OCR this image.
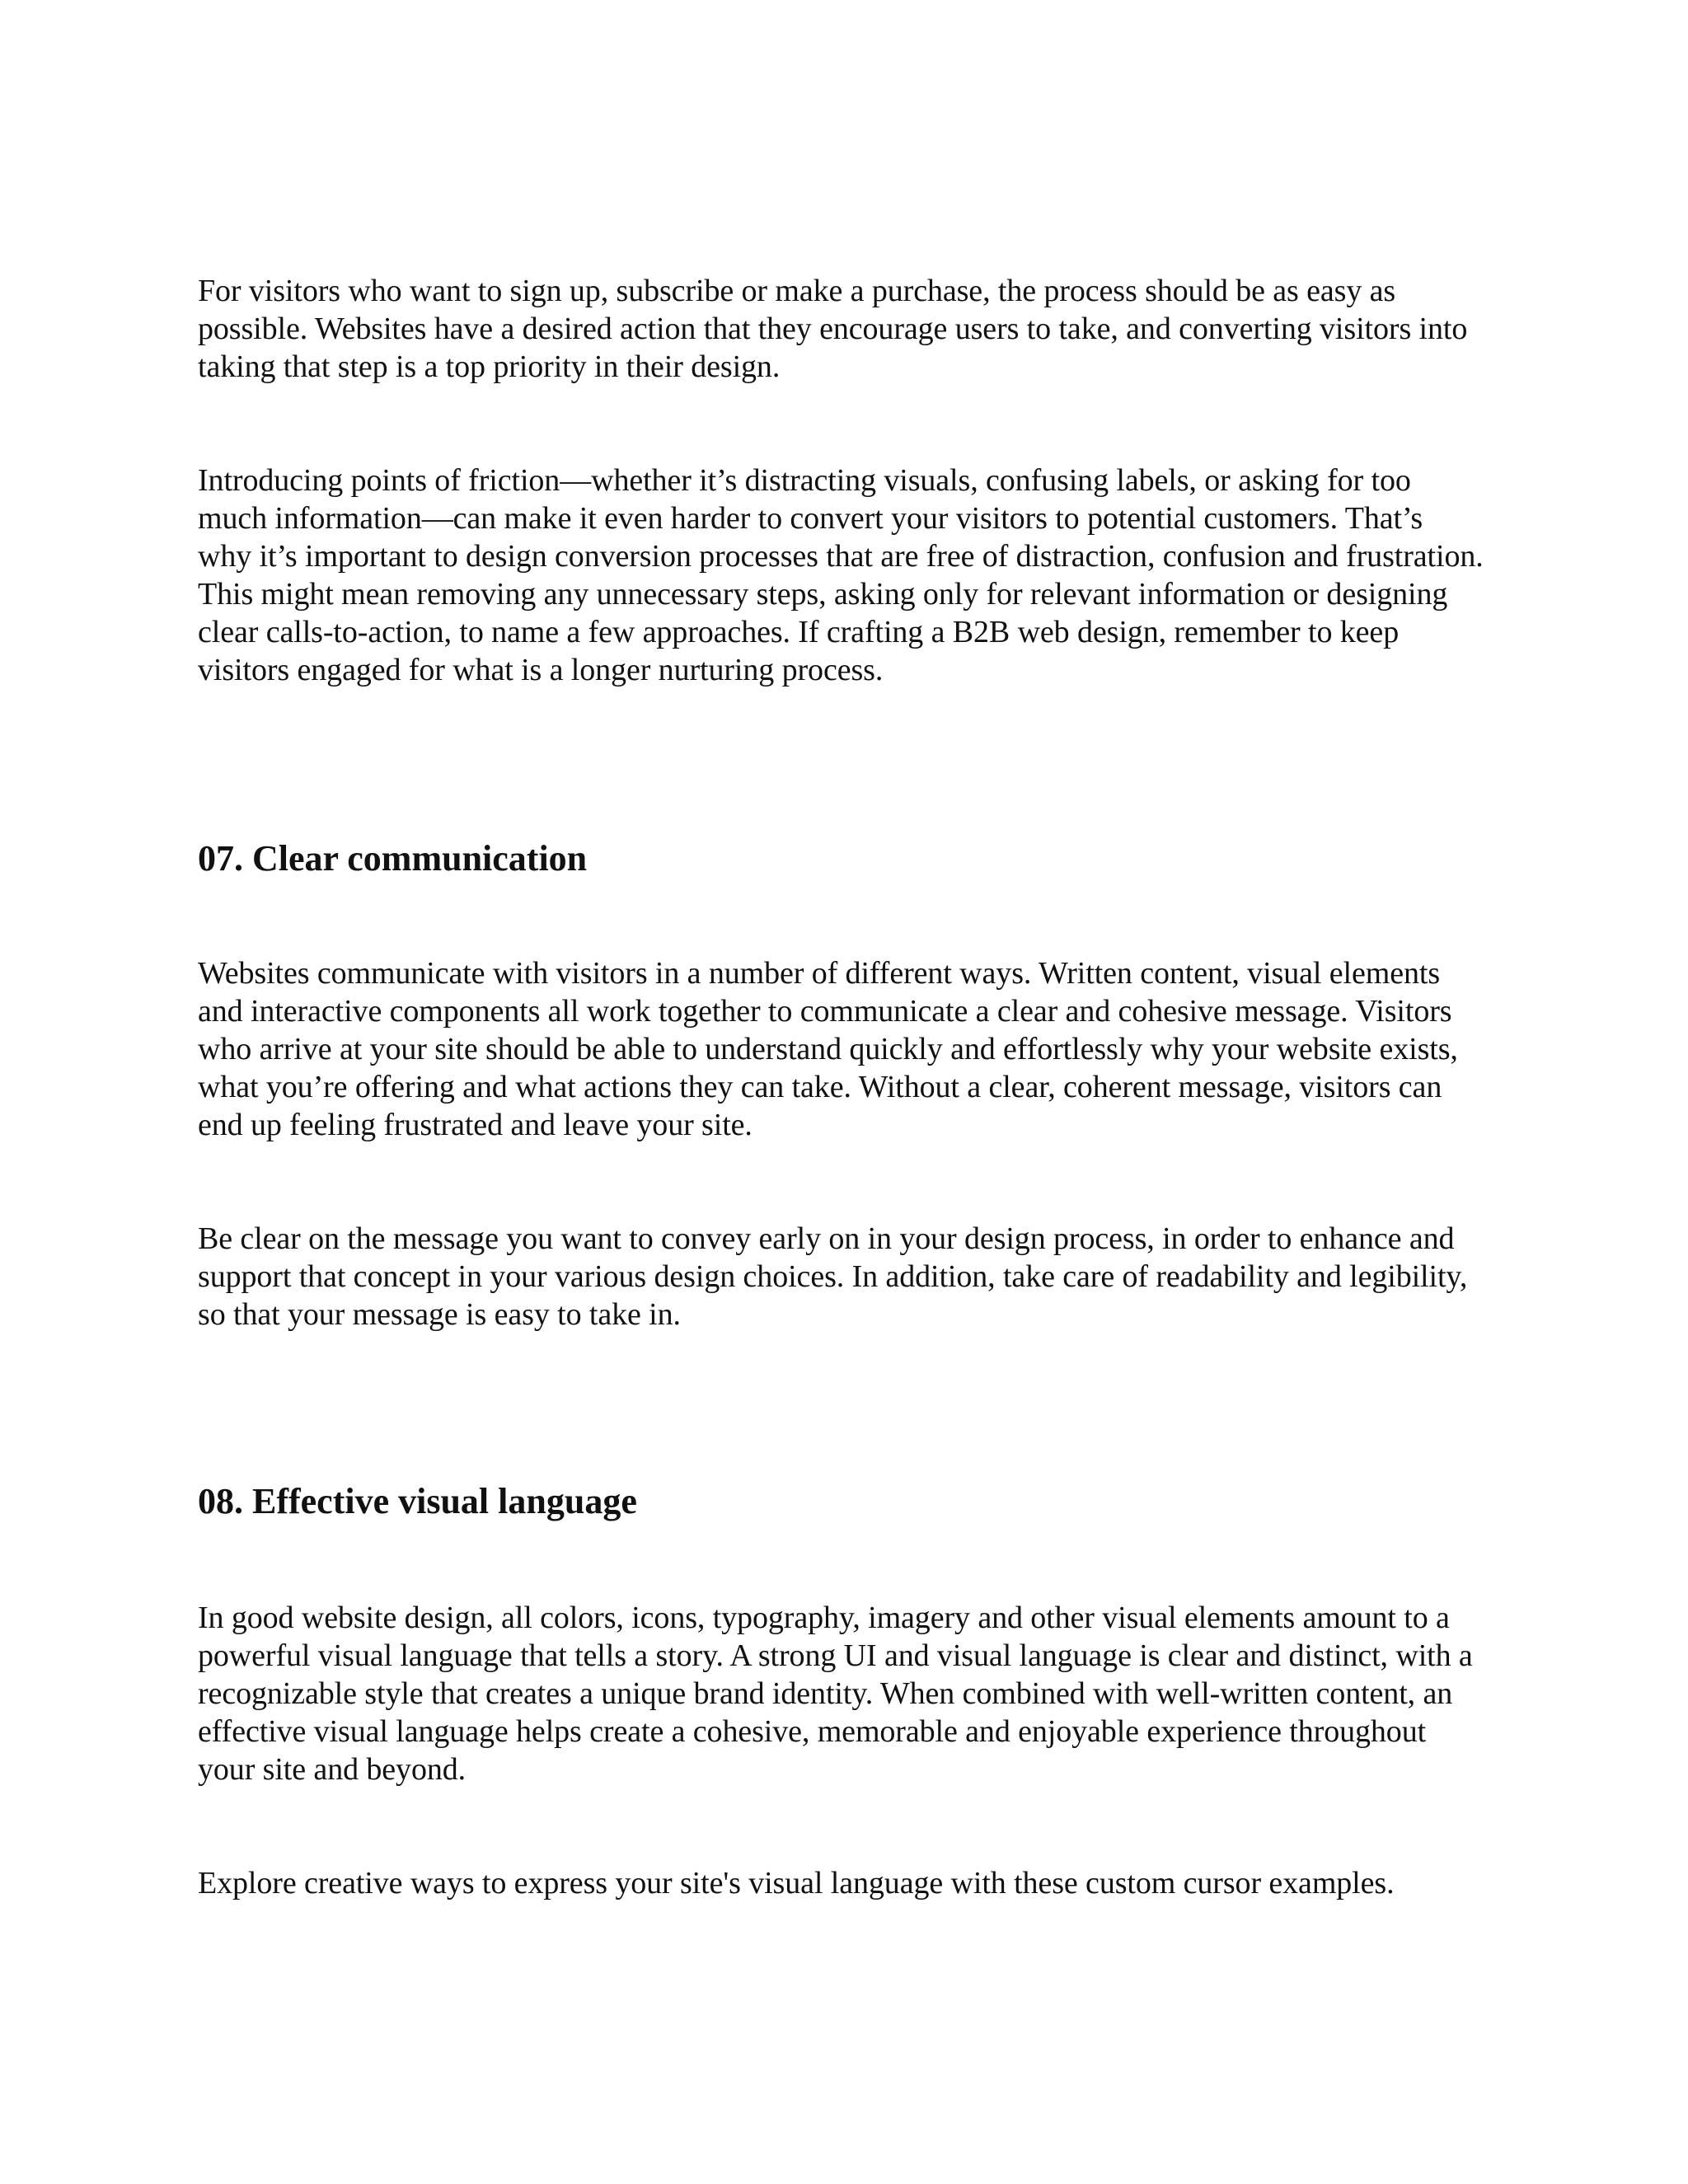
For visitors who want to sign up, subscribe or make a purchase, the process should be as easy as possible. Websites have a desired action that they encourage users to take, and converting visitors into taking that step is a top priority in their design.

Introducing points of friction—whether it’s distracting visuals, confusing labels, or asking for too much information—can make it even harder to convert your visitors to potential customers. That’s why it’s important to design conversion processes that are free of distraction, confusion and frustration. This might mean removing any unnecessary steps, asking only for relevant information or designing clear calls-to-action, to name a few approaches. If crafting a B2B web design, remember to keep visitors engaged for what is a longer nurturing process.

07. Clear communication

Websites communicate with visitors in a number of different ways. Written content, visual elements and interactive components all work together to communicate a clear and cohesive message. Visitors who arrive at your site should be able to understand quickly and effortlessly why your website exists, what you’re offering and what actions they can take. Without a clear, coherent message, visitors can end up feeling frustrated and leave your site.

Be clear on the message you want to convey early on in your design process, in order to enhance and support that concept in your various design choices. In addition, take care of readability and legibility, so that your message is easy to take in.

08. Effective visual language

In good website design, all colors, icons, typography, imagery and other visual elements amount to a powerful visual language that tells a story. A strong UI and visual language is clear and distinct, with a recognizable style that creates a unique brand identity. When combined with well-written content, an effective visual language helps create a cohesive, memorable and enjoyable experience throughout your site and beyond.

Explore creative ways to express your site's visual language with these custom cursor examples.
